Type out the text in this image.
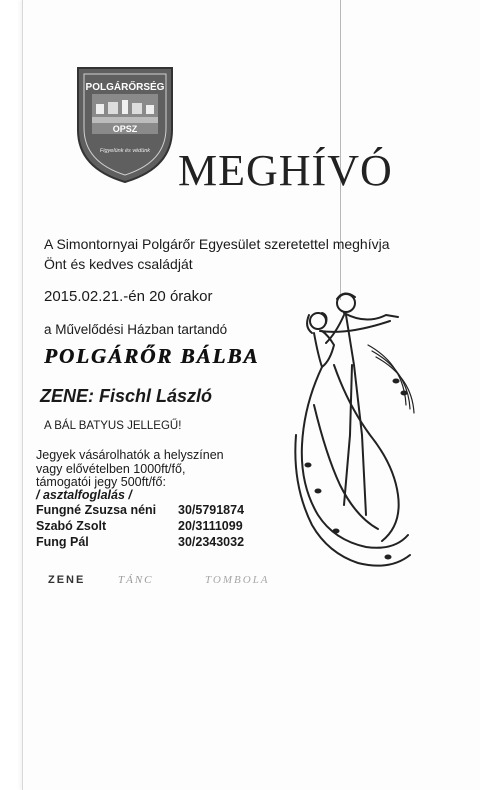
POLGÁRŐRSÉG
OPSZ
Figyelünk és védünk MEGHÍVÓ
A Simontornyai Polgárőr Egyesület szeretettel meghívja
Önt és kedves családját
2015.02.21.-én 20 órakor
a Művelődési Házban tartandó
POLGÁRŐR BÁLBA
ZENE: Fischl László
A BÁL BATYUS JELLEGŰ!
Jegyek vásárolhatók a helyszínen
vagy elővételben 1000ft/fő,
támogatói jegy 500ft/fő:
/ asztalfoglalás /
Fungné Zsuzsa néni 30/5791874
Szabó Zsolt	20/3111099
Fung Pál	30/2343032
ZENE	TÁNC	TOMBOLA
